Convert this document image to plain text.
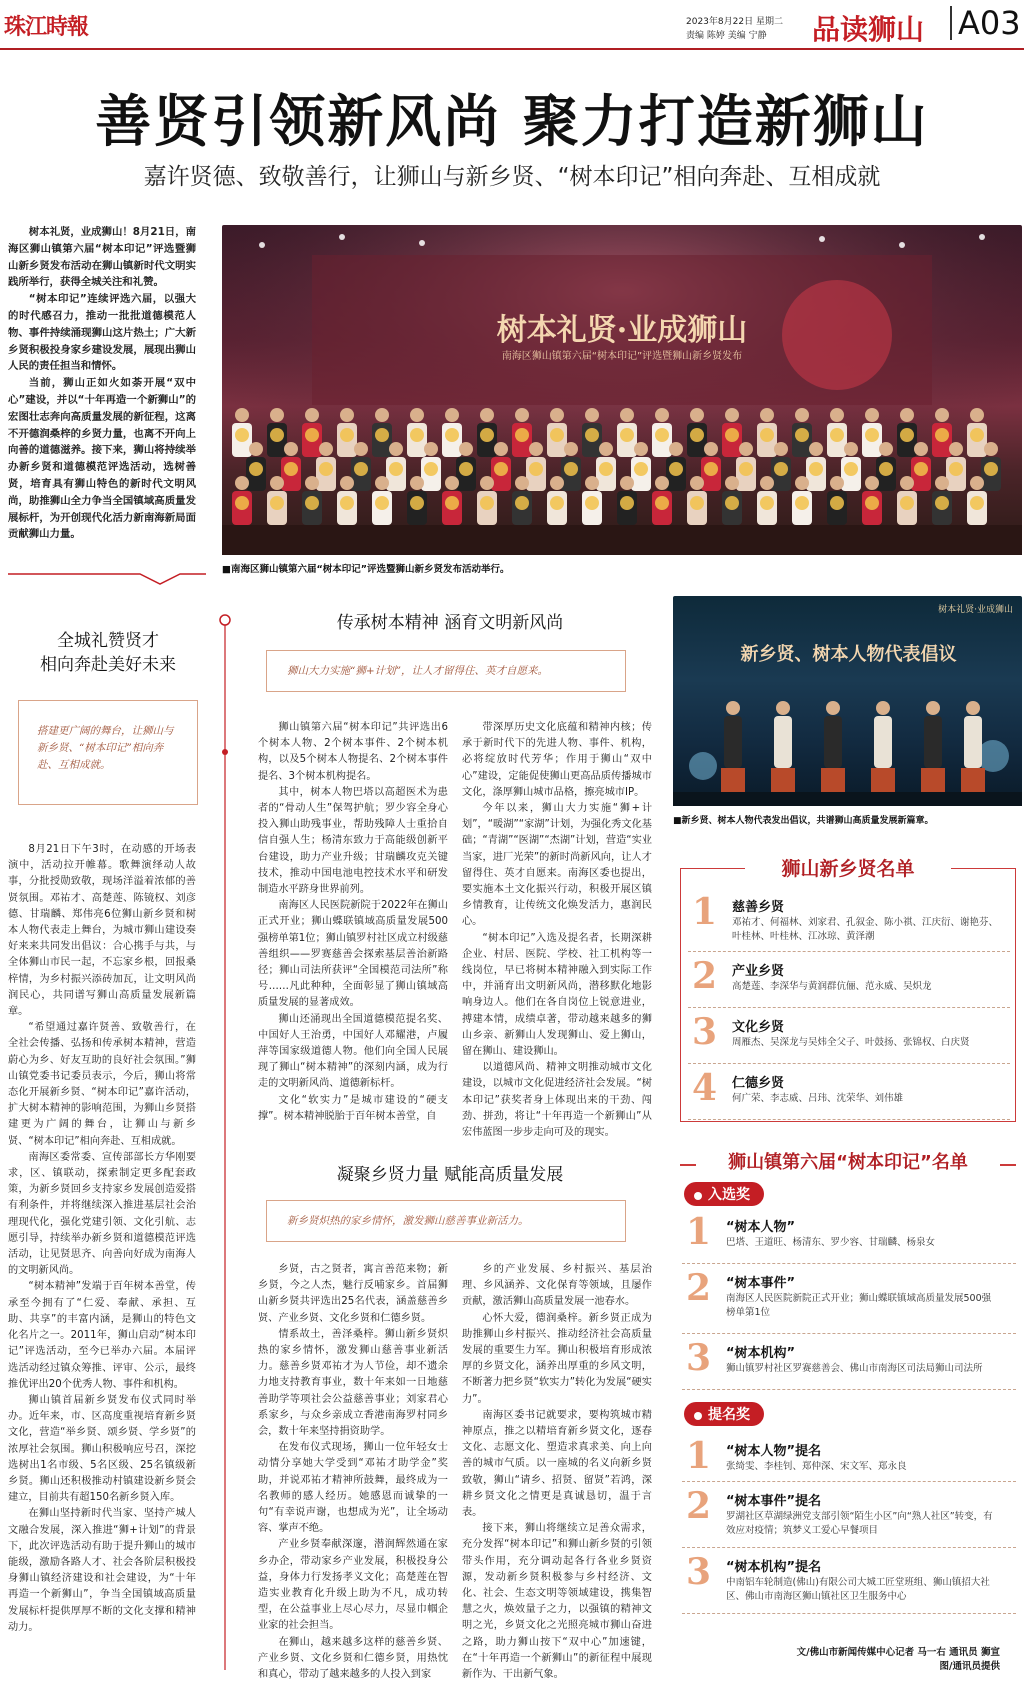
珠江時報	2023年8月22日 星期二
责编 陈婷 美编 宁静 品读狮山 A03
善贤引领新风尚 聚力打造新狮山
嘉许贤德、致敬善行，让狮山与新乡贤、“树本印记”相向奔赴、互相成就

树本礼贤，业成狮山！8月21日，南海区狮山镇第六届“树本印记”评选暨狮山新乡贤发布活动在狮山镇新时代文明实践所举行，获得全城关注和礼赞。

“树本印记”连续评选六届，以强大的时代感召力，推动一批批道德模范人物、事件持续涌现狮山这片热土；广大新乡贤积极投身家乡建设发展，展现出狮山人民的责任担当和情怀。

当前，狮山正如火如荼开展“双中心”建设，并以“十年再造一个新狮山”的宏图壮志奔向高质量发展的新征程，这离不开德润桑梓的乡贤力量，也离不开向上向善的道德滋养。接下来，狮山将持续举办新乡贤和道德模范评选活动，选树善贤，培育具有狮山特色的新时代文明风尚，助推狮山全力争当全国镇域高质量发展标杆，为开创现代化活力新南海新局面贡献狮山力量。

树本礼贤·业成狮山
南海区狮山镇第六届“树本印记”评选暨狮山新乡贤发布
■南海区狮山镇第六届“树本印记”评选暨狮山新乡贤发布活动举行。
全城礼赞贤才
相向奔赴美好未来
搭建更广阔的舞台，让狮山与新乡贤、“树本印记”相向奔赴、互相成就。

8月21日下午3时，在动感的开场表演中，活动拉开帷幕。歌舞演绎动人故事，分批授勋致敬，现场洋溢着浓郁的善贤氛围。邓祐才、高楚莲、陈镜权、刘彦德、甘瑞麟、郑伟亮6位狮山新乡贤和树本人物代表走上舞台，为城市狮山建设奏好来来共同发出倡议：合心携手与共，与全体狮山市民一起，不忘家乡根，回报桑梓情，为乡村振兴添砖加瓦，让文明风尚润民心，共同谱写狮山高质量发展新篇章。

“希望通过嘉许贤善、致敬善行，在全社会传播、弘扬和传承树本精神，营造蔚心为乡、好友互助的良好社会氛围。”狮山镇党委书记委员表示，今后，狮山将常态化开展新乡贤、“树本印记”嘉许活动，扩大树本精神的影响范围，为狮山乡贤搭建更为广阔的舞台，让狮山与新乡贤、“树本印记”相向奔赴、互相成就。

南海区委常委、宣传部部长方华刚要求，区、镇联动，探索制定更多配套政策，为新乡贤回乡支持家乡发展创造爱搭有利条件，并将继续深入推进基层社会治理现代化，强化党建引领、文化引航、志愿引导，持续举办新乡贤和道德模范评选活动，让见贤思齐、向善向好成为南海人的文明新风尚。

“树本精神”发端于百年树本善堂，传承至今拥有了“仁爱、奉献、承担、互助、共享”的丰富内涵，是狮山的特色文化名片之一。2011年，狮山启动“树本印记”评选活动，至今已举办六届。本届评选活动经过镇众筹推、评审、公示，最终推优评出20个优秀人物、事件和机构。

狮山镇首届新乡贤发布仪式同时举办。近年来，市、区高度重视培育新乡贤文化，营造“举乡贤、颂乡贤、学乡贤”的浓厚社会氛围。狮山积极响应号召，深挖选树出1名市级、5名区级、25名镇级新乡贤。狮山还积极推动村镇建设新乡贤会建立，目前共有超150名新乡贤入库。

在狮山坚持新时代当家、坚持产城人文融合发展，深入推进“狮+计划”的背景下，此次评选活动有助于提升狮山的城市能级，激励各路人才、社会各阶层积极投身狮山镇经济建设和社会建设，为“十年再造一个新狮山”，争当全国镇域高质量发展标杆提供厚厚不断的文化支撑和精神动力。

传承树本精神 涵育文明新风尚
狮山大力实施“狮+计划”，让人才留得住、英才自愿来。

狮山镇第六届“树本印记”共评选出6个树本人物、2个树本事件、2个树本机构，以及5个树本人物提名、2个树本事件提名、3个树本机构提名。

其中，树本人物巴塔以高超医术为患者的“骨动人生”保驾护航；罗少容全身心投入狮山助残事业，帮助残障人士重拾自信自强人生；杨清东致力于高能级创新平台建设，助力产业升级；甘瑞麟攻克关键技术，推动中国电池电控技术水平和研发制造水平跻身世界前列。

南海区人民医院新院于2022年在狮山正式开业；狮山蝶联镇域高质量发展500强榜单第1位；狮山镇罗村社区成立村级慈善组织——罗赛慈善会探索基层善治新路径；狮山司法所获评“全国模范司法所”称号……凡此种种，全面彰显了狮山镇域高质量发展的显著成效。

狮山还涌现出全国道德模范提名奖、中国好人王治勇，中国好人邓耀港，卢履萍等国家级道德人物。他们向全国人民展现了狮山“树本精神”的深刻内涵，成为行走的文明新风尚、道德新标杆。

文化“软实力”是城市建设的“硬支撑”。树本精神脱胎于百年树本善堂，自

带深厚历史文化底蕴和精神内核；传承于新时代下的先进人物、事件、机构，必将绽放时代芳华；作用于狮山“双中心”建设，定能促使狮山更高品质传播城市文化，涤厚狮山城市品格，擦亮城市IP。

今年以来，狮山大力实施“狮+计划”，“暖湖”“家湖”计划，为强化秀文化基础；“青湖”“医湖”“杰湖”计划，营造“实业当家，进厂光荣”的新时尚新风向，让人才留得住、英才自愿来。南海区委也提出，要实施本土文化振兴行动，积极开展区镇乡情教育，让传统文化焕发活力，惠润民心。

“树本印记”入选及提名者，长期深耕企业、村居、医院、学校、社工机构等一线岗位，早已将树本精神融入到实际工作中，并涌育出文明新风尚，潜移默化地影响身边人。他们在各自岗位上锐意进业，搏建本情，成绩卓著，带动越来越多的狮山乡亲、新狮山人发现狮山、爱上狮山，留在狮山、建设狮山。

以道德风尚、精神文明推动城市文化建设，以城市文化促进经济社会发展。“树本印记”获奖者身上体现出来的干劲、闯劲、拼劲，将让“十年再造一个新狮山”从宏伟蓝图一步步走向可及的现实。

凝聚乡贤力量 赋能高质量发展
新乡贤炽热的家乡情怀，激发狮山慈善事业新活力。

乡贤，古之贤者，寓言善范来物；新乡贤，今之人杰，魅行反哺家乡。首届狮山新乡贤共评选出25名代表，涵盖慈善乡贤、产业乡贤、文化乡贤和仁德乡贤。

情系故土，善泽桑梓。狮山新乡贤炽热的家乡情怀，激发狮山慈善事业新活力。慈善乡贤邓祐才为人节俭，却不遗余力地支持教育事业，数十年来如一日地慈善助学等项社会公益慈善事业；刘家君心系家乡，与众乡亲成立香港南海罗村同乡会，数十年来坚持捐资助学。

在发布仪式现场，狮山一位年轻女士动情分享她大学受到“邓祐才助学金”奖助，并说邓祐才精神所鼓舞，最终成为一名教师的感人经历。她感恩而诚挚的一句“有幸说声谢，也想成为光”，让全场动容、掌声不绝。

产业乡贤奉献深邃，潜润辉然通在家乡办企，带动家乡产业发展，积极投身公益，身体力行发扬孝义文化；高楚莲在智造实业教育化升级上助为不凡，成功转型，在公益事业上尽心尽力，尽显巾帼企业家的社会担当。

在狮山，越来越多这样的慈善乡贤、产业乡贤、文化乡贤和仁德乡贤，用热忱和真心，带动了越来越多的人投入到家

乡的产业发展、乡村振兴、基层治理、乡风涵养、文化保育等领域，且屡作贡献，激活狮山高质量发展一池春水。

心怀大爱，德润桑梓。新乡贤正成为助推狮山乡村振兴、推动经济社会高质量发展的重要生力军。狮山积极培育形成浓厚的乡贤文化，涵养出厚重的乡风文明，不断著力把乡贤“软实力”转化为发展“硬实力”。

南海区委书记就要求，要构筑城市精神原点，推之以精培育新乡贤文化，逐春文化、志愿文化、塑造求真求美、向上向善的城市气质。以一座城的名义向新乡贤致敬，狮山“请乡、招贤、留贤”若鸿，深耕乡贤文化之情更是真诚恳切，温于言表。

接下来，狮山将继续立足善众需求，充分发挥“树本印记”和狮山新乡贤的引领带头作用，充分调动起各行各业乡贤资源，发动新乡贤积极参与乡村经济、文化、社会、生态文明等领域建设，携集智慧之火，焕效量子之力，以强镇的精神文明之光，乡贤文化之光照亮城市狮山奋进之路，助力狮山按下“双中心”加速键，在“十年再造一个新狮山”的新征程中展现新作为、干出新气象。

树本礼贤·业成狮山
新乡贤、树本人物代表倡议
■新乡贤、树本人物代表发出倡议，共谱狮山高质量发展新篇章。
狮山新乡贤名单
1 慈善乡贤
邓祐才、何福林、刘家君、孔叙金、陈小祺、江庆衍、谢艳芬、叶桂林、叶桂林、江冰琼、黄泽潮
2 产业乡贤
高楚莲、李深华与黄润群伉俪、范永威、吴炽龙
3 文化乡贤
周雁杰、吴深龙与吴炜全父子、叶鼓扬、张锦权、白庆贤
4 仁德乡贤
何广荣、李志威、吕玮、沈荣华、刘伟雄
狮山镇第六届“树本印记”名单
入选奖
1 “树本人物”
巴塔、王道旺、杨清东、罗少容、甘瑞麟、杨泉女
2 “树本事件”
南海区人民医院新院正式开业；狮山蝶联镇域高质量发展500强榜单第1位
3 “树本机构”
狮山镇罗村社区罗赛慈善会、佛山市南海区司法局狮山司法所
提名奖
1 “树本人物”提名
张绮雯、李桂钊、郑仲深、宋文军、郑永良
2 “树本事件”提名
罗湖社区草湖绿洲党支部引领“陌生小区”向“熟人社区”转变，有效应对疫情；筑梦义工爱心早餐项目
3 “树本机构”提名
中南铝车轮制造(佛山)有限公司大城工匠堂班组、狮山镇招大社区、佛山市南海区狮山镇社区卫生服务中心
文/佛山市新闻传媒中心记者 马一右 通讯员 狮宣
图/通讯员提供
